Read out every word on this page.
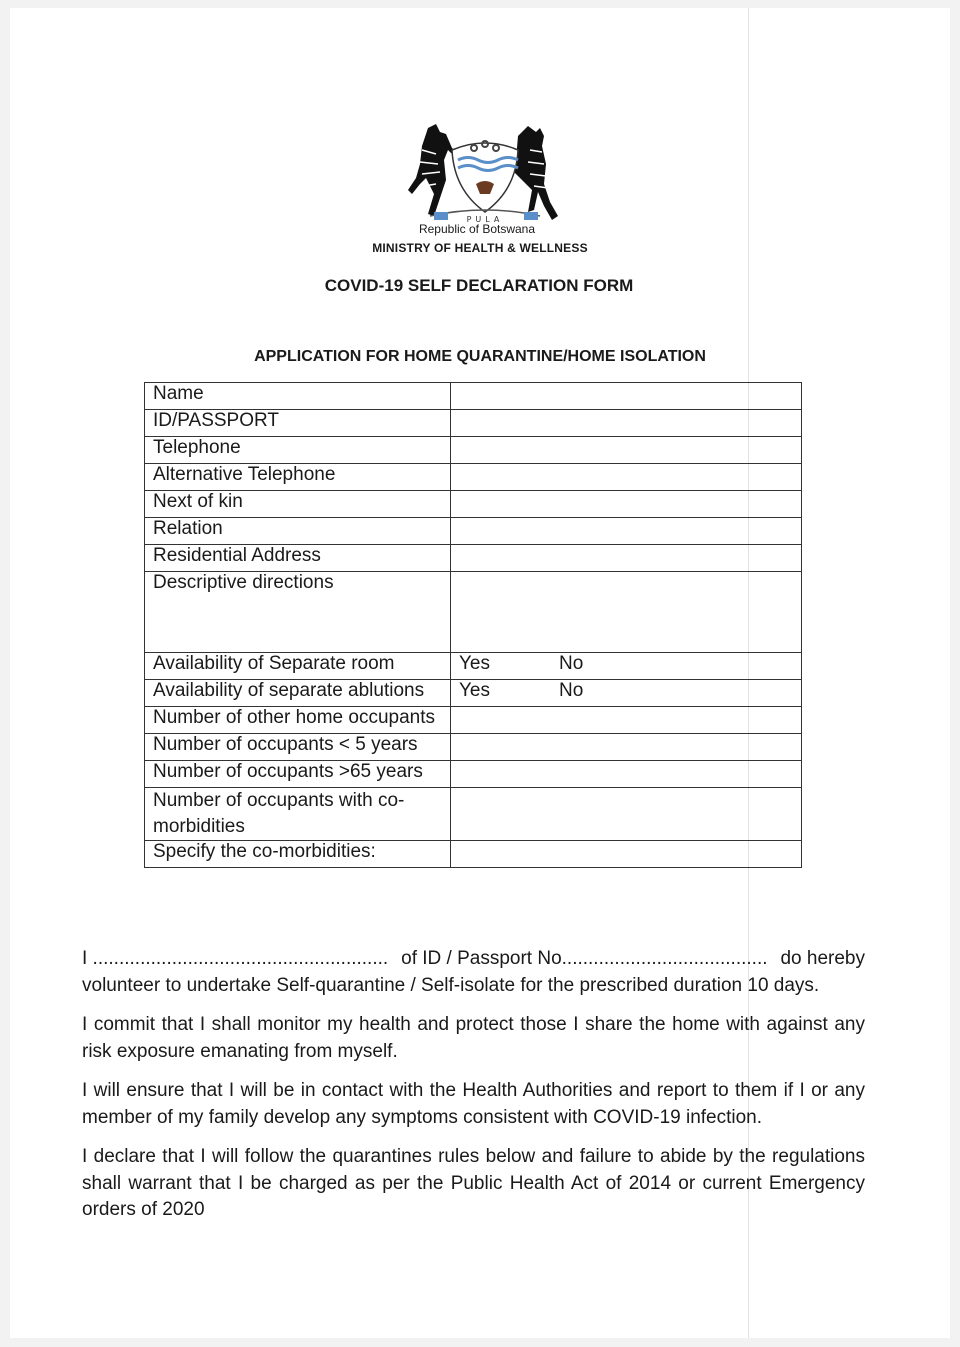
PULA
Republic of Botswana
MINISTRY OF HEALTH & WELLNESS
COVID-19 SELF DECLARATION FORM
APPLICATION FOR HOME QUARANTINE/HOME ISOLATION
Name	
ID/PASSPORT	
Telephone	
Alternative Telephone	
Next of kin	
Relation	
Residential Address	
Descriptive directions	
Availability of Separate room	Yes No

Availability of separate ablutions	Yes No

Number of other home occupants	
Number of occupants < 5 years	
Number of occupants >65 years	
Number of occupants with co-morbidities	
Specify the co-morbidities:	
I ........................................................ of ID / Passport No....................................... do hereby
volunteer to undertake Self-quarantine / Self-isolate for the prescribed duration 10 days.
I commit that I shall monitor my health and protect those I share the home with against any risk exposure emanating from myself.
I will ensure that I will be in contact with the Health Authorities and report to them if I or any member of my family develop any symptoms consistent with COVID-19 infection.
I declare that I will follow the quarantines rules below and failure to abide by the regulations shall warrant that I be charged as per the Public Health Act of 2014 or current Emergency orders of 2020
